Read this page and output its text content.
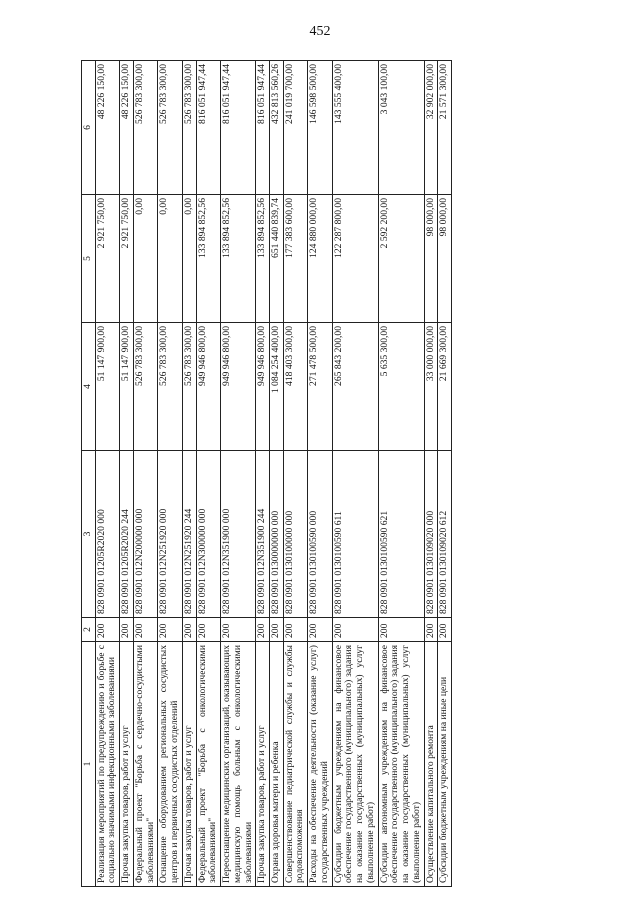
452
1	2	3	4	5	6
Реализация мероприятий по предупреждению и борьбе с социально значимыми инфекционными заболеваниями	200	828 0901 01205R2020 000	51 147 900,00	2 921 750,00	48 226 150,00
Прочая закупка товаров, работ и услуг	200	828 0901 01205R2020 244	51 147 900,00	2 921 750,00	48 226 150,00
Федеральный проект "Борьба с сердечно-сосудистыми заболеваниями"	200	828 0901 012N200000 000	526 783 300,00	0,00	526 783 300,00
Оснащение оборудованием региональных сосудистых центров и первичных сосудистых отделений	200	828 0901 012N251920 000	526 783 300,00	0,00	526 783 300,00
Прочая закупка товаров, работ и услуг	200	828 0901 012N251920 244	526 783 300,00	0,00	526 783 300,00
Федеральный проект "Борьба с онкологическими заболеваниями"	200	828 0901 012N300000 000	949 946 800,00	133 894 852,56	816 051 947,44
Переоснащение медицинских организаций, оказывающих медицинскую помощь больным с онкологическими заболеваниями	200	828 0901 012N351900 000	949 946 800,00	133 894 852,56	816 051 947,44
Прочая закупка товаров, работ и услуг	200	828 0901 012N351900 244	949 946 800,00	133 894 852,56	816 051 947,44
Охрана здоровья матери и ребенка	200	828 0901 0130000000 000	1 084 254 400,00	651 440 839,74	432 813 560,26
Совершенствование педиатрической службы и службы родовспоможения	200	828 0901 0130100000 000	418 403 300,00	177 383 600,00	241 019 700,00
Расходы на обеспечение деятельности (оказание услуг) государственных учреждений	200	828 0901 0130100590 000	271 478 500,00	124 880 000,00	146 598 500,00
Субсидии бюджетным учреждениям на финансовое обеспечение государственного (муниципального) задания на оказание государственных (муниципальных) услуг (выполнение работ)	200	828 0901 0130100590 611	265 843 200,00	122 287 800,00	143 555 400,00
Субсидии автономным учреждениям на финансовое обеспечение государственного (муниципального) задания на оказание государственных (муниципальных) услуг (выполнение работ)	200	828 0901 0130100590 621	5 635 300,00	2 592 200,00	3 043 100,00
Осуществление капитального ремонта	200	828 0901 0130109020 000	33 000 000,00	98 000,00	32 902 000,00
Субсидии бюджетным учреждениям на иные цели	200	828 0901 0130109020 612	21 669 300,00	98 000,00	21 571 300,00
